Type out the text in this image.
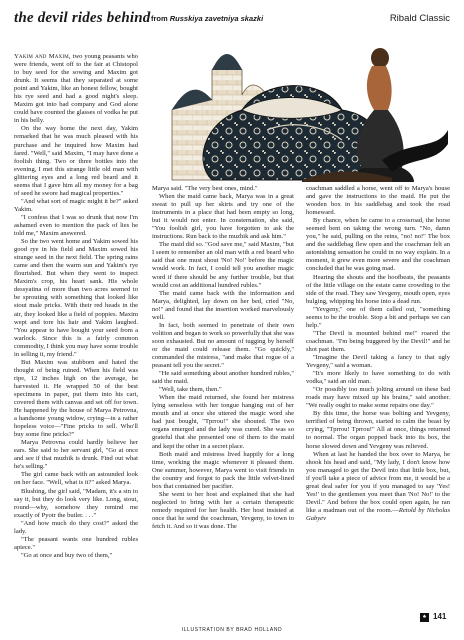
the devil rides behind from Russkiya zavetniya skazki	Ribald Classic

Yakim and Maxim, two young peasants who were friends, went off to the fair at Chistopol to buy seed for the sowing and Maxim got drunk. It seems that they separated at some point and Yakim, like an honest fellow, bought his rye seed and had a good night's sleep. Maxim got into bad company and God alone could have counted the glasses of vodka he put in his belly.

On the way home the next day, Yakim remarked that he was much pleased with his purchase and he inquired how Maxim had fared. "Well," said Maxim, "I may have done a foolish thing. Two or three bottles into the evening, I met this strange little old man with glittering eyes and a long red beard and it seems that I gave him all my money for a bag of seed he swore had magical properties."

"And what sort of magic might it be?" asked Yakim.

"I confess that I was so drunk that now I'm ashamed even to mention the pack of lies he told me," Maxim answered.

So the two went home and Yakim sowed his good rye in his field and Maxim sowed his strange seed in the next field. The spring rains came and then the warm sun and Yakim's rye flourished. But when they went to inspect Maxim's crop, his heart sank. His whole dessyatina of more than two acres seemed to be sprouting with something that looked like stout male pricks. With their red heads in the air, they looked like a field of poppies. Maxim wept and tore his hair and Yakim laughed. "You appear to have bought your seed from a warlock. Since this is a fairly common commodity, I think you may have some trouble in selling it, my friend."

But Maxim was stubborn and hated the thought of being ruined. When his field was ripe, 12 inches high on the average, he harvested it. He wrapped 50 of the best specimens in paper, put them into his cart, covered them with canvas and set off for town. He happened by the house of Marya Petrovna, a handsome young widow, crying—in a rather hopeless voice—"Fine pricks to sell. Who'll buy some fine pricks?"

Marya Petrovna could hardly believe her ears. She said to her servant girl, "Go at once and see if that muzhik is drunk. Find out what he's selling."

The girl came back with an astounded look on her face. "Well, what is it?" asked Marya.

Blushing, the girl said, "Madam, it's a sin to say it, but they do look very like. Long, stout, round—why, somehow they remind me exactly of Pyotr the butler. . . ."

"And how much do they cost?" asked the lady.

"The peasant wants one hundred rubles apiece."

"Go at once and buy two of them,"

Marya said. "The very best ones, mind."

When the maid came back, Marya was in a great sweat to pull up her skirts and try one of the instruments in a place that had been empty so long, but it would not enter. In consternation, she said, "You foolish girl, you have forgotten to ask the instructions. Run back to the muzhik and ask him."

The maid did so. "God save me," said Maxim, "but I seem to remember an old man with a red beard who said that one must shout 'No! No!' before the magic would work. In fact, I could tell you another magic word if there should be any further trouble, but that would cost an additional hundred rubles."

The maid came back with the information and Marya, delighted, lay down on her bed, cried "No, no!" and found that the insertion worked marvelously well.

In fact, both seemed to penetrate of their own volition and began to work so powerfully that she was soon exhausted. But no amount of tugging by herself or the maid could release them. "Go quickly," commanded the mistress, "and make that rogue of a peasant tell you the secret."

"He said something about another hundred rubles," said the maid.

"Well, take them, then."

When the maid returned, she found her mistress lying senseless with her tongue hanging out of her mouth and at once she uttered the magic word she had just bought, "Tprrou!" she shouted. The two organs emerged and the lady was cured. She was so grateful that she presented one of them to the maid and kept the other in a secret place.

Both maid and mistress lived happily for a long time, working the magic whenever it pleased them. One summer, however, Marya went to visit friends in the country and forgot to pack the little velvet-lined box that contained her pacifier.

She went to her host and explained that she had neglected to bring with her a certain therapeutic remedy required for her health. Her host insisted at once that he send the coachman, Yevgeny, to town to fetch it. And so it was done. The

coachman saddled a horse, went off to Marya's house and gave the instructions to the maid. He put the wooden box in his saddlebag and took the road homeward.

By chance, when he came to a crossroad, the horse seemed bent on taking the wrong turn. "No, damn you," he said, pulling on the reins, "no! no!" The box and the saddlebag flew open and the coachman felt an astonishing sensation he could in no way explain. In a moment, it grew even more severe and the coachman concluded that he was going mad.

Hearing the shouts and the hoofbeats, the peasants of the little village on the estate came crowding to the side of the road. They saw Yevgeny, mouth open, eyes bulging, whipping his horse into a dead run.

"Yevgeny," one of them called out, "something seems to be the trouble. Stop a bit and perhaps we can help."

"The Devil is mounted behind me!" roared the coachman. "I'm being buggered by the Devil!" and he shot past them.

"Imagine the Devil taking a fancy to that ugly Yevgeny," said a woman.

"It's more likely to have something to do with vodka," said an old man.

"Or possibly too much jolting around on these bad roads may have mixed up his brains," said another. "We really ought to make some repairs one day."

By this time, the horse was bolting and Yevgeny, terrified of being thrown, started to calm the beast by crying, "Tprrou! Tprrou!" All at once, things returned to normal. The organ popped back into its box, the horse slowed down and Yevgeny was relieved.

When at last he handed the box over to Marya, he shook his head and said, "My lady, I don't know how you managed to get the Devil into that little box, but, if you'll take a piece of advice from me, it would be a great deal safer for you if you managed to say 'Yes! Yes!' to the gentlemen you meet than 'No! No!' to the Devil." And before the box could open again, he ran like a madman out of the room.—Retold by Nicholas Gabyev

♠ 141
ILLUSTRATION BY BRAD HOLLAND
